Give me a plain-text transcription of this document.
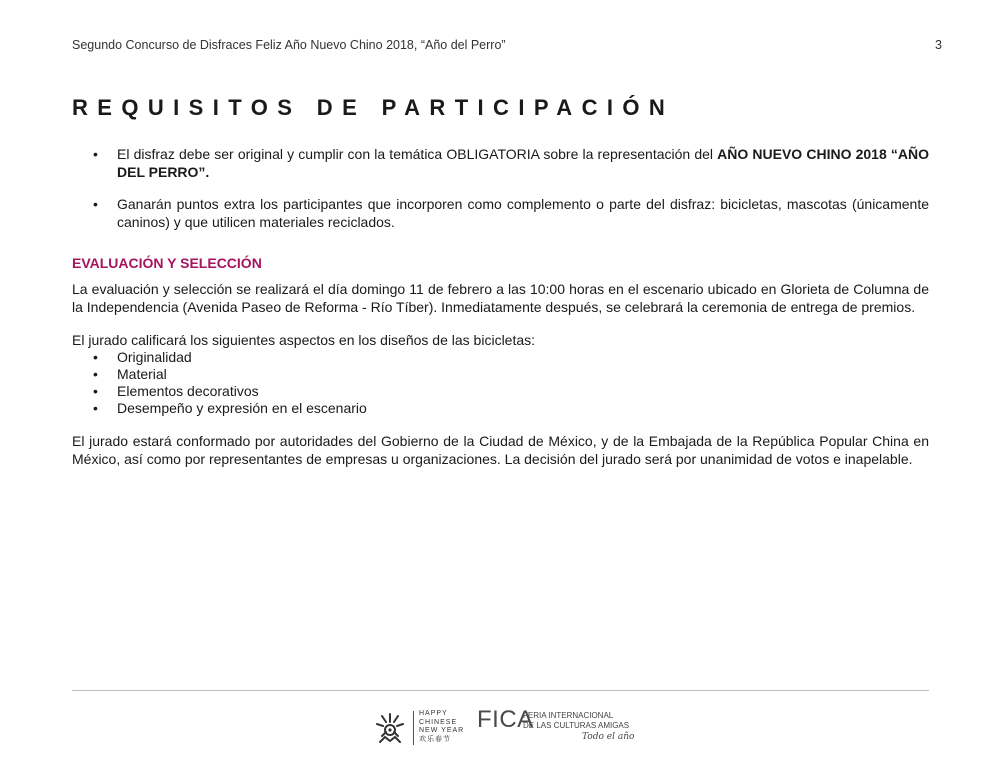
Segundo Concurso de Disfraces Feliz Año Nuevo Chino 2018, “Año del Perro”	3
REQUISITOS DE PARTICIPACIÓN
• El disfraz debe ser original y cumplir con la temática OBLIGATORIA sobre la representación del AÑO NUEVO CHINO 2018 “AÑO DEL PERRO”.
• Ganarán puntos extra los participantes que incorporen como complemento o parte del disfraz: bicicletas, mascotas (únicamente caninos) y que utilicen materiales reciclados.
EVALUACIÓN Y SELECCIÓN

La evaluación y selección se realizará el día domingo 11 de febrero a las 10:00 horas en el escenario ubicado en Glorieta de Columna de la Independencia (Avenida Paseo de Reforma - Río Tíber). Inmediatamente después, se celebrará la ceremonia de entrega de premios.

El jurado calificará los siguientes aspectos en los diseños de las bicicletas:

• Originalidad
• Material
• Elementos decorativos
• Desempeño y expresión en el escenario

El jurado estará conformado por autoridades del Gobierno de la Ciudad de México, y de la Embajada de la República Popular China en México, así como por representantes de empresas u organizaciones. La decisión del jurado será por unanimidad de votos e inapelable.

HAPPY
CHINESE
NEW YEAR
欢乐春节
FICA
FERIA INTERNACIONAL
DE LAS CULTURAS AMIGAS
Todo el año
